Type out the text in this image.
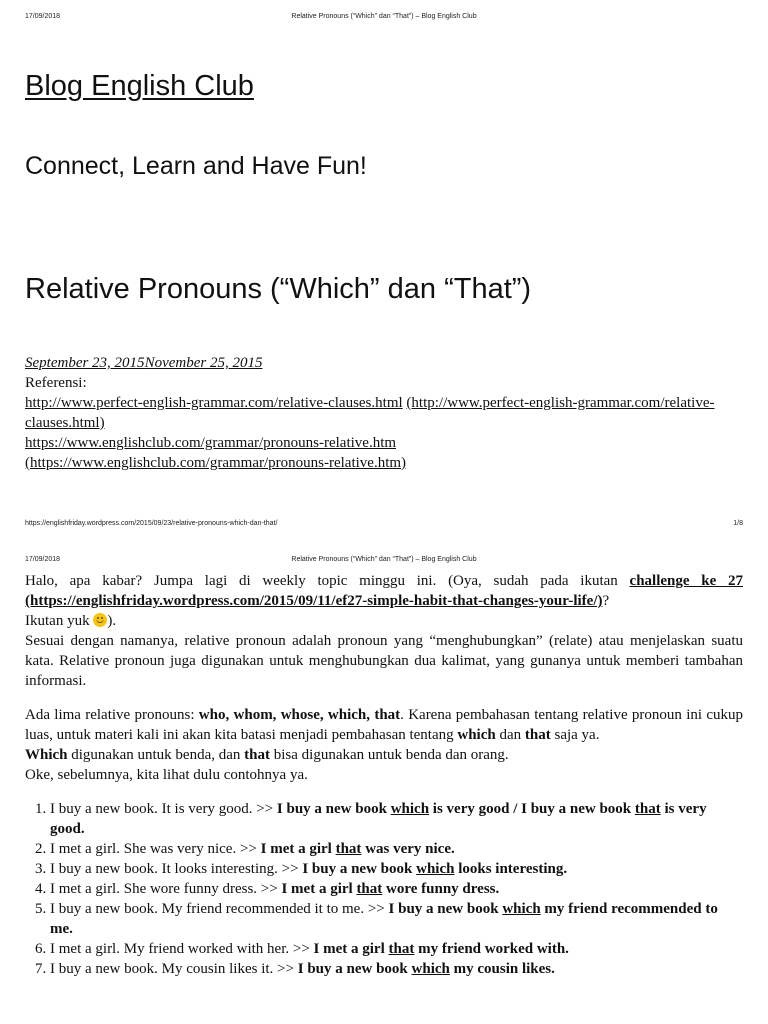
17/09/2018	Relative Pronouns (“Which” dan “That”) – Blog English Club
Blog English Club
Connect, Learn and Have Fun!
Relative Pronouns (“Which” dan “That”)
September 23, 2015November 25, 2015
Referensi:
http://www.perfect-english-grammar.com/relative-clauses.html (http://www.perfect-english-grammar.com/relative-clauses.html)
https://www.englishclub.com/grammar/pronouns-relative.htm
(https://www.englishclub.com/grammar/pronouns-relative.htm)
https://englishfriday.wordpress.com/2015/09/23/relative-pronouns-which-dan-that/	1/8
17/09/2018	Relative Pronouns (“Which” dan “That”) – Blog English Club

Halo, apa kabar? Jumpa lagi di weekly topic minggu ini. (Oya, sudah pada ikutan challenge ke 27 (https://englishfriday.wordpress.com/2015/09/11/ef27-simple-habit-that-changes-your-life/)?
Ikutan yuk ).

Sesuai dengan namanya, relative pronoun adalah pronoun yang “menghubungkan” (relate) atau menjelaskan suatu kata. Relative pronoun juga digunakan untuk menghubungkan dua kalimat, yang gunanya untuk memberi tambahan informasi.

Ada lima relative pronouns: who, whom, whose, which, that. Karena pembahasan tentang relative pronoun ini cukup luas, untuk materi kali ini akan kita batasi menjadi pembahasan tentang which dan that saja ya.

Which digunakan untuk benda, dan that bisa digunakan untuk benda dan orang.

Oke, sebelumnya, kita lihat dulu contohnya ya.

1. I buy a new book. It is very good. >> I buy a new book which is very good / I buy a new book that is very good.
2. I met a girl. She was very nice. >> I met a girl that was very nice.
3. I buy a new book. It looks interesting. >> I buy a new book which looks interesting.
4. I met a girl. She wore funny dress. >> I met a girl that wore funny dress.
5. I buy a new book. My friend recommended it to me. >> I buy a new book which my friend recommended to me.
6. I met a girl. My friend worked with her. >> I met a girl that my friend worked with.
7. I buy a new book. My cousin likes it. >> I buy a new book which my cousin likes.
